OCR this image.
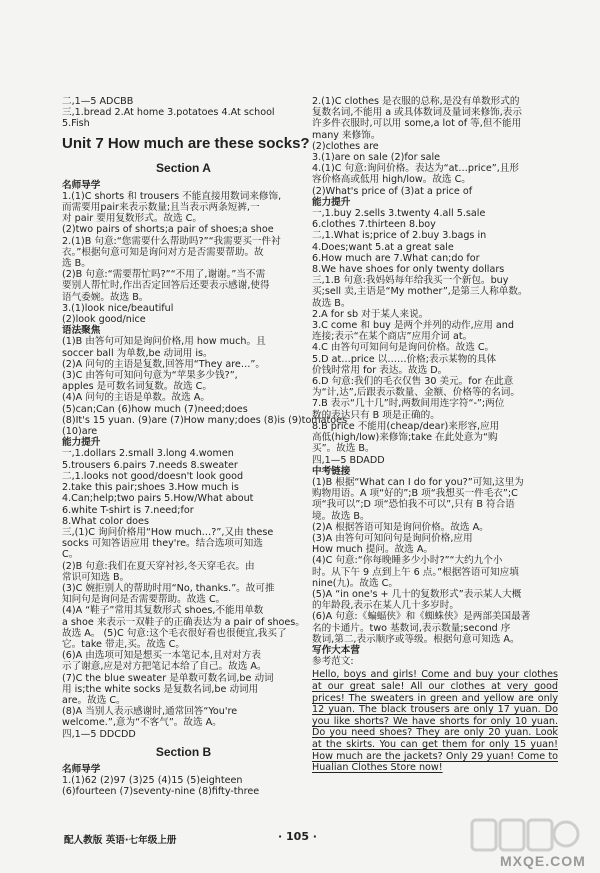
二,1—5 ADCBB
三,1.bread 2.At home 3.potatoes 4.At school
5.Fish
Unit 7 How much are these socks?
Section A
名师导学
1.(1)C shorts 和 trousers 不能直接用数词来修饰,
而需要用pair来表示数量;且当表示两条短裤,一
对 pair 要用复数形式。故选 C。
(2)two pairs of shorts;a pair of shoes;a shoe
2.(1)B 句意:“您需要什么帮助吗?”“我需要买一件衬
衣。”根据句意可知是询问对方是否需要帮助。故
选 B。
(2)B 句意:“需要帮忙吗?”“不用了,谢谢。”当不需
要别人帮忙时,作出否定回答后还要表示感谢,使得
语气委婉。故选 B。
3.(1)look nice/beautiful
(2)look good/nice
语法聚焦
(1)B 由答句可知是询问价格,用 how much。且
soccer ball 为单数,be 动词用 is。
(2)A 问句的主语是复数,回答用“They are…”。
(3)C 由答句可知问句意为“苹果多少钱?”,
apples 是可数名词复数。故选 C。
(4)A 问句的主语是单数。故选 A。
(5)can;Can (6)how much (7)need;does
(8)It's 15 yuan. (9)are (7)How many;does (8)is (9)tomatoes
(10)are
能力提升
一,1.dollars 2.small 3.long 4.women
5.trousers 6.pairs 7.needs 8.sweater
二,1.looks not good/doesn't look good
2.take this pair;shoes 3.How much is
4.Can;help;two pairs 5.How/What about
6.white T-shirt is 7.need;for
8.What color does
三,(1)C 询问价格用“How much…?”,又由 these
socks 可知答语应用 they're。结合选项可知选
C。
(2)B 句意:我们在夏天穿衬衫,冬天穿毛衣。由
常识可知选 B。
(3)C 婉拒别人的帮助时用“No, thanks.”。故可推
知问句是询问是否需要帮助。故选 C。
(4)A “鞋子”常用其复数形式 shoes,不能用单数
a shoe 来表示一双鞋子的正确表达为 a pair of shoes。
故选 A。 (5)C 句意:这个毛衣很好看也很便宜,我买了
它。take 带走,买。故选 C。
(6)A 由选项可知是想买一本笔记本,且对对方表
示了谢意,应是对方把笔记本给了自己。故选 A。
(7)C the blue sweater 是单数可数名词,be 动词
用 is;the white socks 是复数名词,be 动词用
are。故选 C。
(8)A 当别人表示感谢时,通常回答“You're
welcome.”,意为“不客气”。故选 A。
四,1—5 DDCDD
Section B
名师导学
1.(1)62 (2)97 (3)25 (4)15 (5)eighteen
(6)fourteen (7)seventy-nine (8)fifty-three
2.(1)C clothes 是衣服的总称,是没有单数形式的
复数名词,不能用 a 或具体数词及量词来修饰,表示
许多件衣服时,可以用 some,a lot of 等,但不能用
many 来修饰。
(2)clothes are
3.(1)are on sale (2)for sale
4.(1)C 句意:询问价格。表达为“at…price”,且形
容价格高或低用 high/low。故选 C。
(2)What's price of (3)at a price of
能力提升
一,1.buy 2.sells 3.twenty 4.all 5.sale
6.clothes 7.thirteen 8.boy
二,1.What is;price of 2.buy 3.bags in
4.Does;want 5.at a great sale
6.How much are 7.What can;do for
8.We have shoes for only twenty dollars
三,1.B 句意:我妈妈每年给我买一个新包。buy
买;sell 卖,主语是“My mother”,是第三人称单数。
故选 B。
2.A for sb 对于某人来说。
3.C come 和 buy 是两个并列的动作,应用 and
连接;表示“在某个商店”应用介词 at。
4.C 由答句可知问句是询问价格。故选 C。
5.D at…price 以……价格;表示某物的具体
价钱时常用 for 表达。故选 D。
6.D 句意:我们的毛衣仅售 30 美元。for 在此意
为“计,达”,后跟表示数量、金额、价格等的名词。
7.B 表示“几十几”时,两数间用连字符“-”;两位
数的表达只有 B 项是正确的。
8.B price 不能用(cheap/dear)来形容,应用
高低(high/low)来修饰;take 在此处意为“购
买”。故选 B。
四,1—5 BDADD
中考链接
(1)B 根据“What can I do for you?”可知,这里为
购物用语。A 项“好的”;B 项“我想买一件毛衣”;C
项“我可以”;D 项“恐怕我不可以”,只有 B 符合语
境。故选 B。
(2)A 根据答语可知是询问价格。故选 A。
(3)A 由答句可知问句是询问价格,应用
How much 提问。故选 A。
(4)C 句意:“你每晚睡多少小时?”“大约九个小
时。从下午 9 点到上午 6 点。”根据答语可知应填
nine(九)。故选 C。
(5)A “in one's + 几十的复数形式”表示某人大概
的年龄段,表示在某人几十多岁时。
(6)A 句意:《蝙蝠侠》和《蜘蛛侠》是两部美国最著
名的卡通片。two 基数词,表示数量;second 序
数词,第二,表示顺序或等级。根据句意可知选 A。
写作大本营
参考范文:
Hello, boys and girls! Come and buy your clothes at our great sale! All our clothes at very good prices! The sweaters in green and yellow are only 12 yuan. The black trousers are only 17 yuan. Do you like shorts? We have shorts for only 10 yuan. Do you need shoes? They are only 20 yuan. Look at the skirts. You can get them for only 15 yuan! How much are the jackets? Only 29 yuan! Come to Hualian Clothes Store now!
配人教版 英语·七年级上册	· 105 ·
MXQE.COM
